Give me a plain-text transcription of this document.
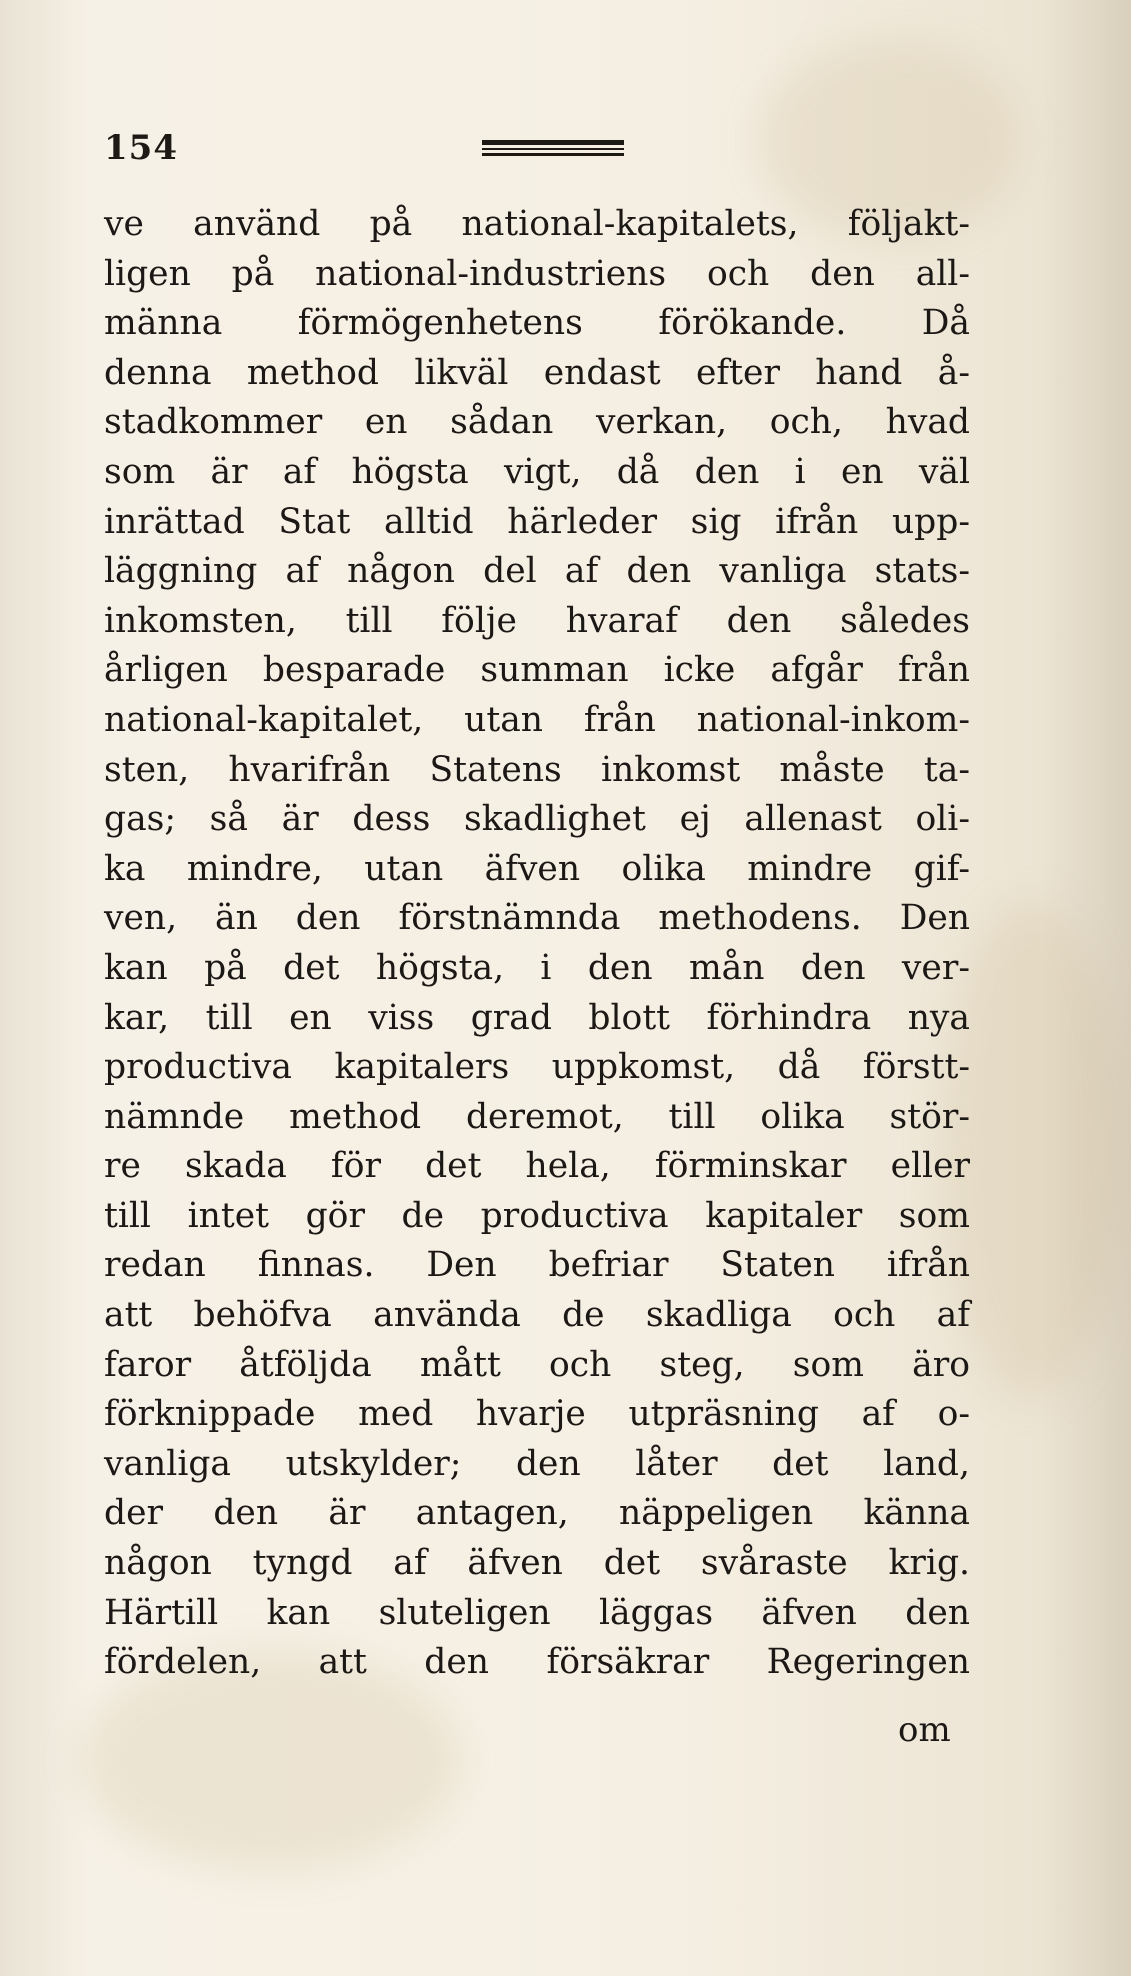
154
ve använd på national-kapitalets, följakt-
ligen på national-industriens och den all-
männa förmögenhetens förökande. Då
denna method likväl endast efter hand å-
stadkommer en sådan verkan, och, hvad
som är af högsta vigt, då den i en väl
inrättad Stat alltid härleder sig ifrån upp-
läggning af någon del af den vanliga stats-
inkomsten, till följe hvaraf den således
årligen besparade summan icke afgår från
national-kapitalet, utan från national-inkom-
sten, hvarifrån Statens inkomst måste ta-
gas; så är dess skadlighet ej allenast oli-
ka mindre, utan äfven olika mindre gif-
ven, än den förstnämnda methodens. Den
kan på det högsta, i den mån den ver-
kar, till en viss grad blott förhindra nya
productiva kapitalers uppkomst, då förstt-
nämnde method deremot, till olika stör-
re skada för det hela, förminskar eller
till intet gör de productiva kapitaler som
redan finnas. Den befriar Staten ifrån
att behöfva använda de skadliga och af
faror åtföljda mått och steg, som äro
förknippade med hvarje utpräsning af o-
vanliga utskylder; den låter det land,
der den är antagen, näppeligen känna
någon tyngd af äfven det svåraste krig.
Härtill kan sluteligen läggas äfven den
fördelen, att den försäkrar Regeringen
om
